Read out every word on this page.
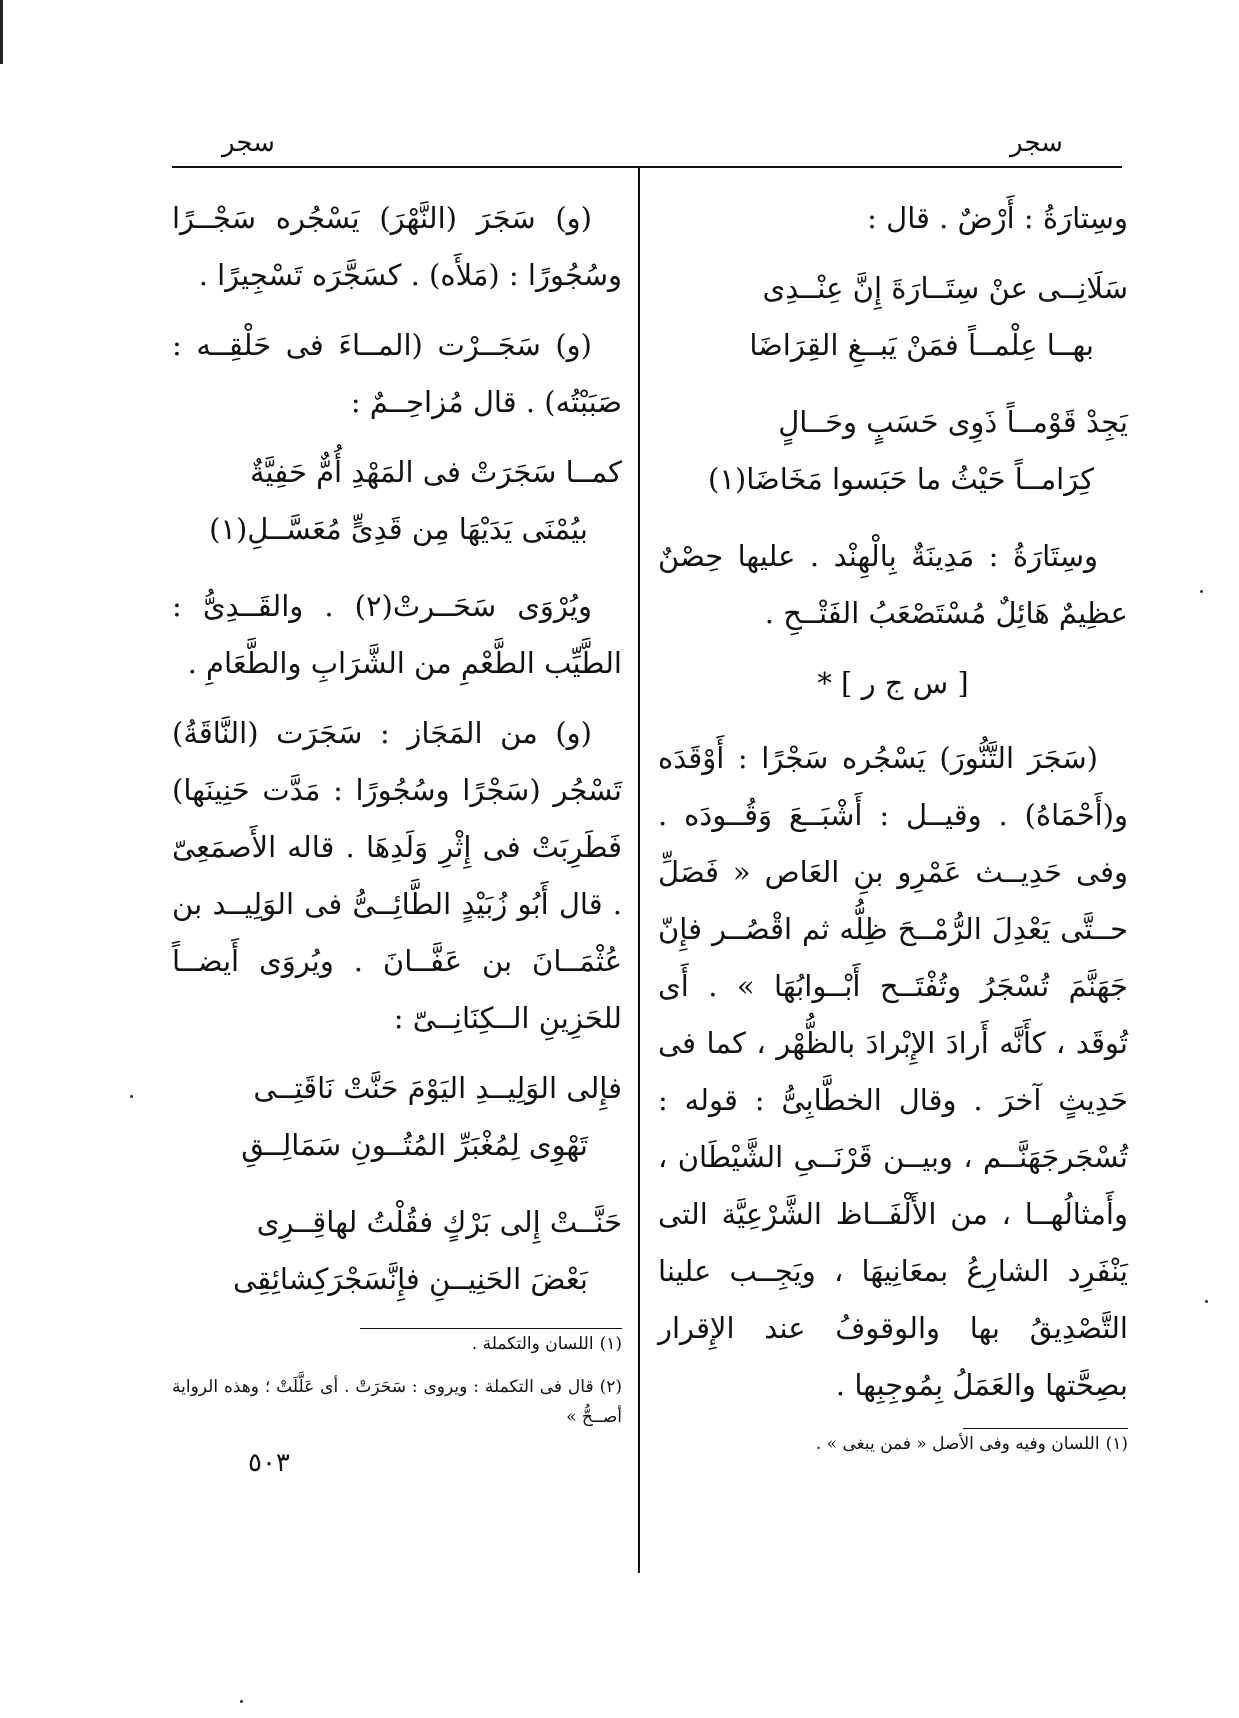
سجر	سجر

وسِتارَةُ : أَرْضٌ . قال :

سَلَانِــى عنْ سِتَــارَةَ إِنَّ عِنْــدِى

بهــا عِلْمــاً فمَنْ يَبــغِ القِرَاضَا

يَجِدْ قَوْمــاً ذَوِى حَسَبٍ وحَــالٍ

كِرَامــاً حَيْثُ ما حَبَسوا مَخَاضَا(١)

وسِتَارَةُ : مَدِينَةٌ بِالْهِنْد . عليها حِصْنٌ عظِيمٌ هَائِلٌ مُسْتَصْعَبُ الفَتْــحِ .

[ س ج ر ] *

(سَجَرَ التَّنُّورَ) يَسْجُره سَجْرًا : أَوْقَدَه و(أَحْمَاهُ) . وقيــل : أَشْبَــعَ وَقُــودَه . وفى حَدِيــث عَمْرِو بنِ العَاص « فَصَلِّ حــتَّى يَعْدِلَ الرُّمْــحَ ظِلُّه ثم اقْصُــر فإِنّ جَهَنَّمَ تُسْجَرُ وتُفْتَــح أَبْــوابُهَا » . أَى تُوقَد ، كأَنَّه أَرادَ الإِبْرادَ بالظُّهْر ، كما فى حَدِيثٍ آخرَ . وقال الخطَّابِىُّ : قوله : تُسْجَرجَهَنَّــم ، وبيــن قَرْنَــىِ الشَّيْطَان ، وأَمثالُهــا ، من الأَلْفَــاظ الشَّرْعِيَّة التى يَنْفَرِد الشارِعُ بمعَانِيهَا ، ويَجِــب علينا التَّصْدِيقُ بها والوقوفُ عند الإِقرار بصِحَّتها والعَمَلُ بِمُوجِبِها .

(١)اللسان وفيه وفى الأصل « فمن يبغى » .

(و) سَجَرَ (النَّهْرَ) يَسْجُره سَجْــرًا وسُجُورًا : (مَلأَه) . كسَجَّرَه تَسْجِيرًا .

(و) سَجَــرْت (المــاءَ فى حَلْقِــه : صَبَبْتُه) . قال مُزاحِــمٌ :

كمــا سَجَرَتْ فى المَهْدِ أُمٌّ حَفِيَّةٌ

بيُمْنَى يَدَيْهَا مِن قَدِىٍّ مُعَسَّــلِ(١)

ويُرْوَى سَحَــرتْ(٢) . والقَــدِىُّ : الطَّيِّب الطَّعْمِ من الشَّرَابِ والطَّعَامِ .

(و) من المَجَاز : سَجَرَت (النَّاقَةُ) تَسْجُر (سَجْرًا وسُجُورًا : مَدَّت حَنِينَها) فَطَرِبَتْ فى إِثْرِ وَلَدِهَا . قاله الأَصمَعِىّ . قال أَبُو زُبَيْدٍ الطَّائِــىُّ فى الوَلِيــد بن عُثْمَــانَ بن عَفَّــانَ . ويُروَى أَيضــاً للحَزِينِ الــكِنَانِــىّ :

فإِلى الوَلِيــدِ اليَوْمَ حَنَّتْ نَاقَتِــى

تَهْوِى لِمُغْبَرِّ المُتُــونِ سَمَالِــقِ

حَنَّــتْ إِلى بَرْكٍ فقُلْتُ لهاقِــرِى

بَعْضَ الحَنِيــنِ فإِنَّسَجْرَكِشائِقِى

(١)اللسان والتكملة .

(٢)قال فى التكملة : ويروى : سَحَرَتْ . أى عَلَّلَتْ ؛ وهذه الرواية أصــحُّ »

٥٠٣
